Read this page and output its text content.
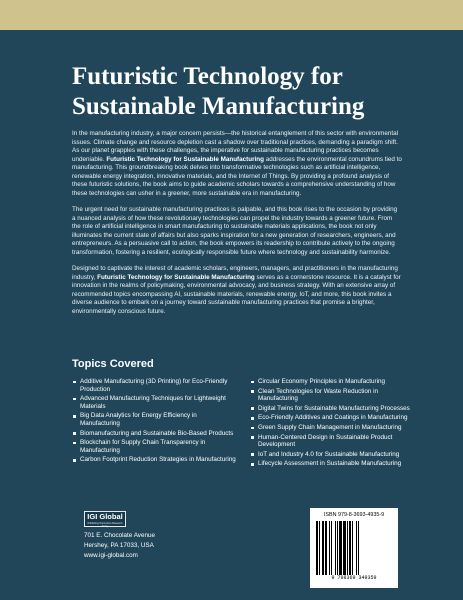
Futuristic Technology for
Sustainable Manufacturing

In the manufacturing industry, a major concern persists—the historical entanglement of this sector with environmental issues. Climate change and resource depletion cast a shadow over traditional practices, demanding a paradigm shift. As our planet grapples with these challenges, the imperative for sustainable manufacturing practices becomes undeniable. Futuristic Technology for Sustainable Manufacturing addresses the environmental conundrums tied to manufacturing. This groundbreaking book delves into transformative technologies such as artificial intelligence, renewable energy integration, innovative materials, and the Internet of Things. By providing a profound analysis of these futuristic solutions, the book aims to guide academic scholars towards a comprehensive understanding of how these technologies can usher in a greener, more sustainable era in manufacturing.

The urgent need for sustainable manufacturing practices is palpable, and this book rises to the occasion by providing a nuanced analysis of how these revolutionary technologies can propel the industry towards a greener future. From the role of artificial intelligence in smart manufacturing to sustainable materials applications, the book not only illuminates the current state of affairs but also sparks inspiration for a new generation of researchers, engineers, and entrepreneurs. As a persuasive call to action, the book empowers its readership to contribute actively to the ongoing transformation, fostering a resilient, ecologically responsible future where technology and sustainability harmonize.

Designed to captivate the interest of academic scholars, engineers, managers, and practitioners in the manufacturing industry, Futuristic Technology for Sustainable Manufacturing serves as a cornerstone resource. It is a catalyst for innovation in the realms of policymaking, environmental advocacy, and business strategy. With an extensive array of recommended topics encompassing AI, sustainable materials, renewable energy, IoT, and more, this book invites a diverse audience to embark on a journey toward sustainable manufacturing practices that promise a brighter, environmentally conscious future.

Topics Covered
Additive Manufacturing (3D Printing) for Eco-Friendly Production
Advanced Manufacturing Techniques for Lightweight Materials
Big Data Analytics for Energy Efficiency in Manufacturing
Biomanufacturing and Sustainable Bio-Based Products
Blockchain for Supply Chain Transparency in Manufacturing
Carbon Footprint Reduction Strategies in Manufacturing
Circular Economy Principles in Manufacturing
Clean Technologies for Waste Reduction in Manufacturing
Digital Twins for Sustainable Manufacturing Processes
Eco-Friendly Additives and Coatings in Manufacturing
Green Supply Chain Management in Manufacturing
Human-Centered Design in Sustainable Product Development
IoT and Industry 4.0 for Sustainable Manufacturing
Lifecycle Assessment in Sustainable Manufacturing
IGI Global
Publishing Tomorrow's Research Today
701 E. Chocolate Avenue
Hershey, PA 17033, USA
www.igi-global.com
ISBN 979-8-3693-4935-9
9 798369 349359
